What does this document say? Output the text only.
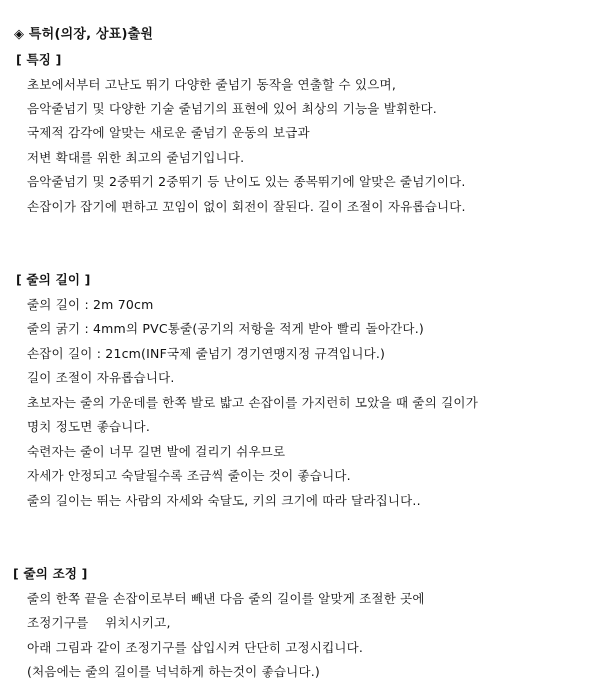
◈ 특허(의장, 상표)출원
[ 특징 ]
초보에서부터 고난도 뛰기 다양한 줄넘기 동작을 연출할 수 있으며,
음악줄넘기 및 다양한 기술 줄넘기의 표현에 있어 최상의 기능을 발휘한다.
국제적 감각에 알맞는 새로운 줄넘기 운동의 보급과
저변 확대를 위한 최고의 줄넘기입니다.
음악줄넘기 및 2중뛰기 2중뛰기 등 난이도 있는 종목뛰기에 알맞은 줄넘기이다.
손잡이가 잡기에 편하고 꼬임이 없이 회전이 잘된다. 길이 조절이 자유롭습니다.
[ 줄의 길이 ]
줄의 길이 : 2m 70cm
줄의 굵기 : 4mm의 PVC통줄(공기의 저항을 적게 받아 빨리 돌아간다.)
손잡이 길이 : 21cm(INF국제 줄넘기 경기연맹지정 규격입니다.)
길이 조절이 자유롭습니다.
초보자는 줄의 가운데를 한쪽 발로 밟고 손잡이를 가지런히 모았을 때 줄의 길이가
명치 정도면 좋습니다.
숙련자는 줄이 너무 길면 발에 걸리기 쉬우므로
자세가 안정되고 숙달될수록 조금씩 줄이는 것이 좋습니다.
줄의 길이는 뛰는 사람의 자세와 숙달도, 키의 크기에 따라 달라집니다..
[ 줄의 조정 ]
줄의 한쪽 끝을 손잡이로부터 빼낸 다음 줄의 길이를 알맞게 조절한 곳에
조정기구를    위치시키고,
아래 그림과 같이 조정기구를 삽입시켜 단단히 고정시킵니다.
(처음에는 줄의 길이를 넉넉하게 하는것이 좋습니다.)
